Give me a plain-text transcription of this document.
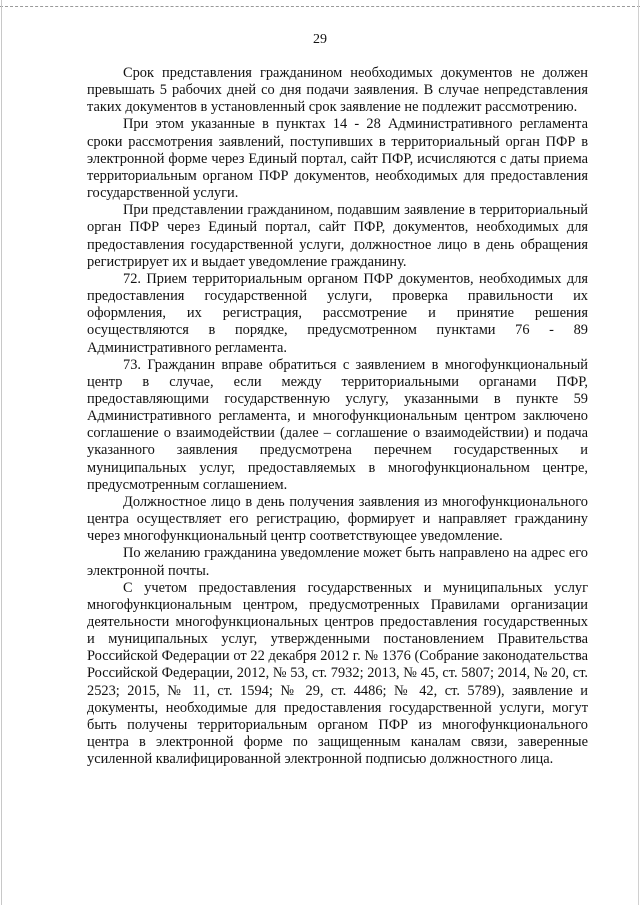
29

Срок представления гражданином необходимых документов не должен превышать 5 рабочих дней со дня подачи заявления. В случае непредставления таких документов в установленный срок заявление не подлежит рассмотрению.

При этом указанные в пунктах 14 - 28 Административного регламента сроки рассмотрения заявлений, поступивших в территориальный орган ПФР в электронной форме через Единый портал, сайт ПФР, исчисляются с даты приема территориальным органом ПФР документов, необходимых для предоставления государственной услуги.

При представлении гражданином, подавшим заявление в территориальный орган ПФР через Единый портал, сайт ПФР, документов, необходимых для предоставления государственной услуги, должностное лицо в день обращения регистрирует их и выдает уведомление гражданину.

72. Прием территориальным органом ПФР документов, необходимых для предоставления государственной услуги, проверка правильности их оформления, их регистрация, рассмотрение и принятие решения осуществляются в порядке, предусмотренном пунктами 76 - 89 Административного регламента.

73. Гражданин вправе обратиться с заявлением в многофункциональный центр в случае, если между территориальными органами ПФР, предоставляющими государственную услугу, указанными в пункте 59 Административного регламента, и многофункциональным центром заключено соглашение о взаимодействии (далее – соглашение о взаимодействии) и подача указанного заявления предусмотрена перечнем государственных и муниципальных услуг, предоставляемых в многофункциональном центре, предусмотренным соглашением.

Должностное лицо в день получения заявления из многофункционального центра осуществляет его регистрацию, формирует и направляет гражданину через многофункциональный центр соответствующее уведомление.

По желанию гражданина уведомление может быть направлено на адрес его электронной почты.

С учетом предоставления государственных и муниципальных услуг многофункциональным центром, предусмотренных Правилами организации деятельности многофункциональных центров предоставления государственных и муниципальных услуг, утвержденными постановлением Правительства Российской Федерации от 22 декабря 2012 г. № 1376 (Собрание законодательства Российской Федерации, 2012, № 53, ст. 7932; 2013, № 45, ст. 5807; 2014, № 20, ст. 2523; 2015, № 11, ст. 1594; № 29, ст. 4486; № 42, ст. 5789), заявление и документы, необходимые для предоставления государственной услуги, могут быть получены территориальным органом ПФР из многофункционального центра в электронной форме по защищенным каналам связи, заверенные усиленной квалифицированной электронной подписью должностного лица.
